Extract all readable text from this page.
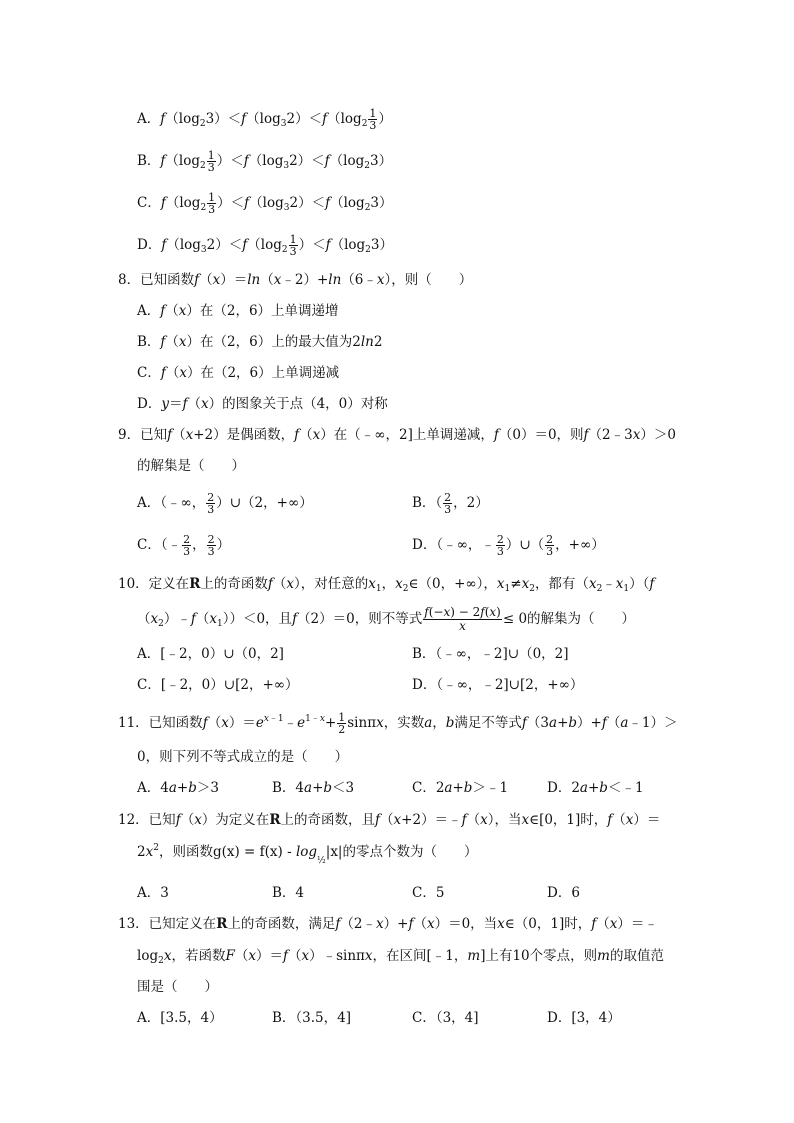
A．$f(\log_23)<f(\log_32)<f(\log_2 \frac{1}{3}$ ）
B．$f(\log_2 \frac{1}{3} )<f(\log_32)<f(\log_23)$
C．$f(\log_2 \frac{1}{3} )<f(\log_32)<f(\log_23)$
D．$f(\log_32)<f(\log_2 \frac{1}{3} )<f(\log_23)$
8．已知函数f（x）＝ln（x﹣2）+ln（6﹣x），则（　　）
A．f（x）在（2，6）上单调递增
B．f（x）在（2，6）上的最大值为2ln2
C．f（x）在（2，6）上单调递减
D．y＝f（x）的图象关于点（4，0）对称
9．已知f（x+2）是偶函数，f（x）在（﹣∞，2]上单调递减，f（0）＝0，则f（2﹣3x）＞0
的解集是（　　）
A．（﹣∞， $\frac{2}{3}$ ）∪（2，+∞）	B．（ $\frac{2}{3}$ ，2）
C．（﹣ $\frac{2}{3}$ ， $\frac{2}{3}$ ）	D．（﹣∞，﹣ $\frac{2}{3}$ ）∪（ $\frac{2}{3}$ ，+∞）
10．定义在R上的奇函数f（x），对任意的$x_1$，$x_2\in(0$，+∞），$x_1\ne x_2$，都有$(x_2﹣x_1)(f$
$(x_2)﹣f(x_1))<0$，且f（2）＝0，则不等式 $\frac{f(-x) - 2f(x)}{x} \le 0$的解集为（　　）
A．[﹣2，0）∪（0，2]	B．（﹣∞，﹣2]∪（0，2]
C．[﹣2，0）∪[2，+∞）	D．（﹣∞，﹣2]∪[2，+∞）
11．已知函数$f(x)=e^{x﹣1}﹣e^{1﹣x}+ \frac{1}{2}$ sinπx，实数a，b满足不等式f（3a+b）+f（a﹣1）＞
0，则下列不等式成立的是（　　）
A．4a+b＞3	B．4a+b＜3	C．2a+b＞﹣1	D．2a+b＜﹣1
12．已知f（x）为定义在R上的奇函数，且f（x+2）＝﹣f（x），当x∈[0，1]时，f（x）＝
$2x^2$，则函数$g(x) = f(x) - \log_{\frac{1}{2}}|x|$的零点个数为（　　）
A．3	B．4	C．5	D．6
13．已知定义在R上的奇函数，满足f（2﹣x）+f（x）＝0，当x∈（0，1]时，f（x）＝﹣
$\log_2x$，若函数F（x）＝f（x）﹣sinπx，在区间[﹣1，m]上有10个零点，则m的取值范
围是（　　）
A．[3.5，4）	B．（3.5，4]	C．（3，4]	D．[3，4）
